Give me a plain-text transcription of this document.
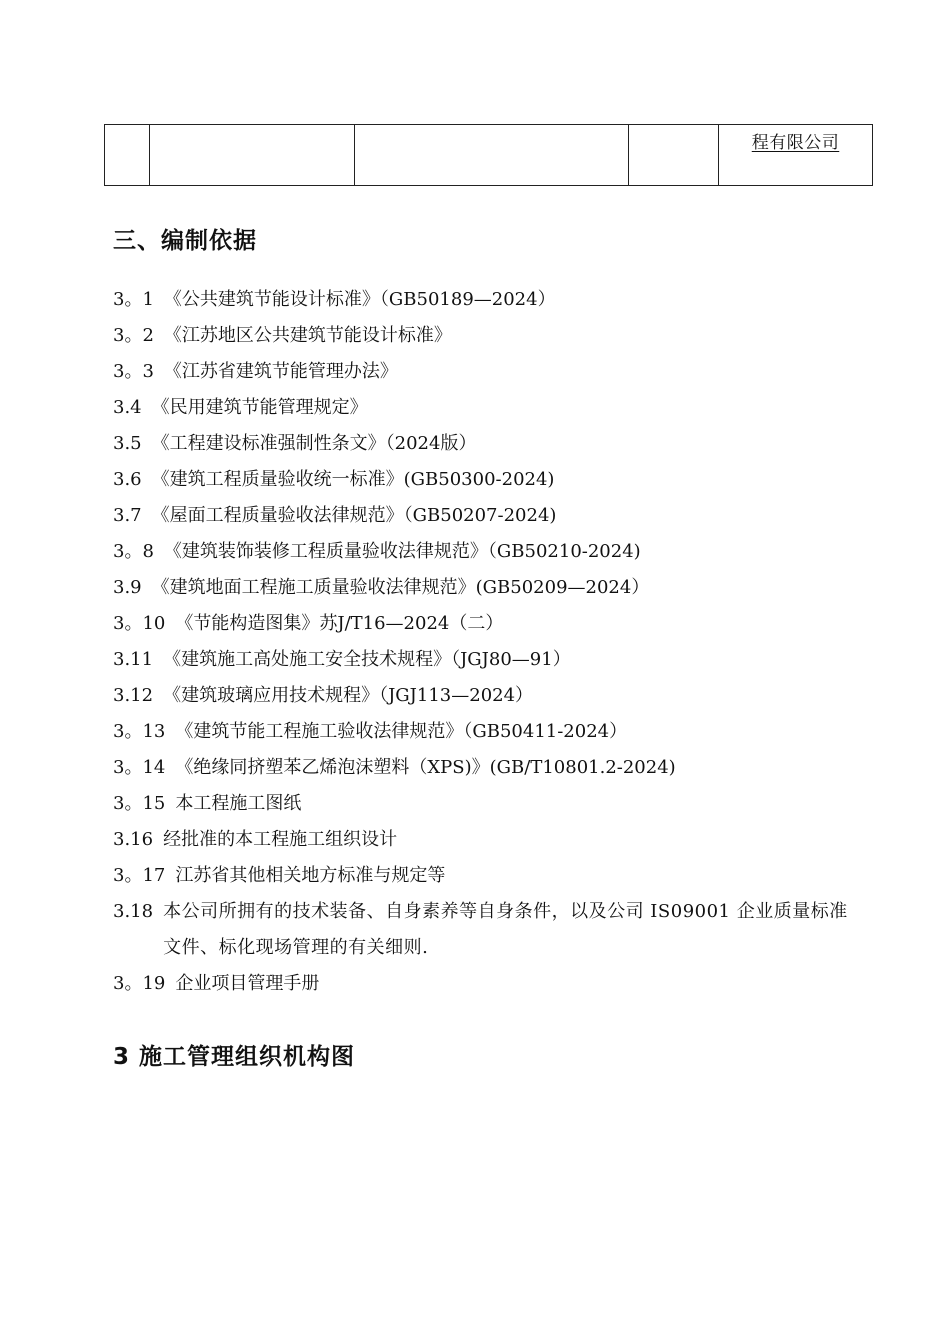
程有限公司
三、编制依据
3。1 《公共建筑节能设计标准》（GB50189—2024）
3。2 《江苏地区公共建筑节能设计标准》
3。3 《江苏省建筑节能管理办法》
3.4 《民用建筑节能管理规定》
3.5 《工程建设标准强制性条文》（2024版）
3.6 《建筑工程质量验收统一标准》(GB50300-2024)
3.7 《屋面工程质量验收法律规范》（GB50207-2024)
3。8 《建筑装饰装修工程质量验收法律规范》（GB50210-2024)
3.9 《建筑地面工程施工质量验收法律规范》(GB50209—2024）
3。10 《节能构造图集》苏J/T16—2024（二）
3.11 《建筑施工高处施工安全技术规程》（JGJ80—91）
3.12 《建筑玻璃应用技术规程》（JGJ113—2024）
3。13 《建筑节能工程施工验收法律规范》（GB50411-2024）
3。14 《绝缘同挤塑苯乙烯泡沫塑料（XPS)》(GB/T10801.2-2024)
3。15 本工程施工图纸
3.16 经批准的本工程施工组织设计
3。17 江苏省其他相关地方标准与规定等
3.18 本公司所拥有的技术装备、自身素养等自身条件，以及公司 IS09001 企业质量标准文件、标化现场管理的有关细则.
3。19 企业项目管理手册
3 施工管理组织机构图
